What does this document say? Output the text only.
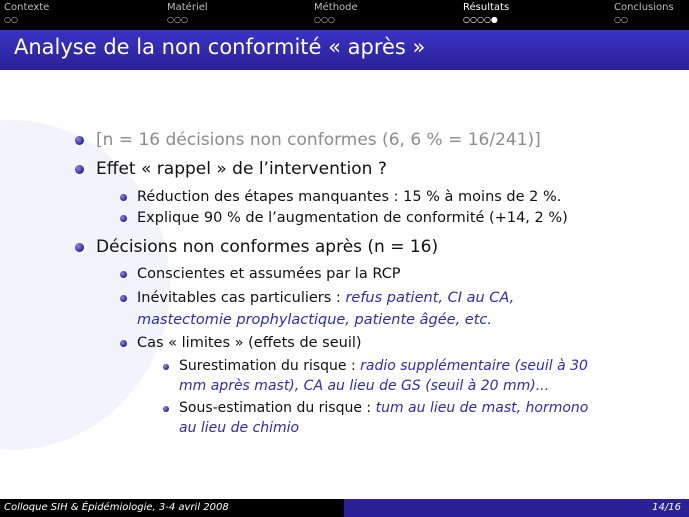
Contexte
○○
Matériel
○○○
Méthode
○○○
Résultats
○○○○●
Conclusions
○○
Analyse de la non conformité « après »
[n = 16 décisions non conformes (6, 6 % = 16/241)]
Effet « rappel » de l’intervention ?
Réduction des étapes manquantes : 15 % à moins de 2 %.
Explique 90 % de l’augmentation de conformité (+14, 2 %)
Décisions non conformes après (n = 16)
Conscientes et assumées par la RCP
Inévitables cas particuliers : refus patient, CI au CA,
mastectomie prophylactique, patiente âgée, etc.
Cas « limites » (effets de seuil)
Surestimation du risque : radio supplémentaire (seuil à 30
mm après mast), CA au lieu de GS (seuil à 20 mm)...
Sous-estimation du risque : tum au lieu de mast, hormono
au lieu de chimio
Colloque SIH & Épidémiologie, 3-4 avril 2008	14/16
